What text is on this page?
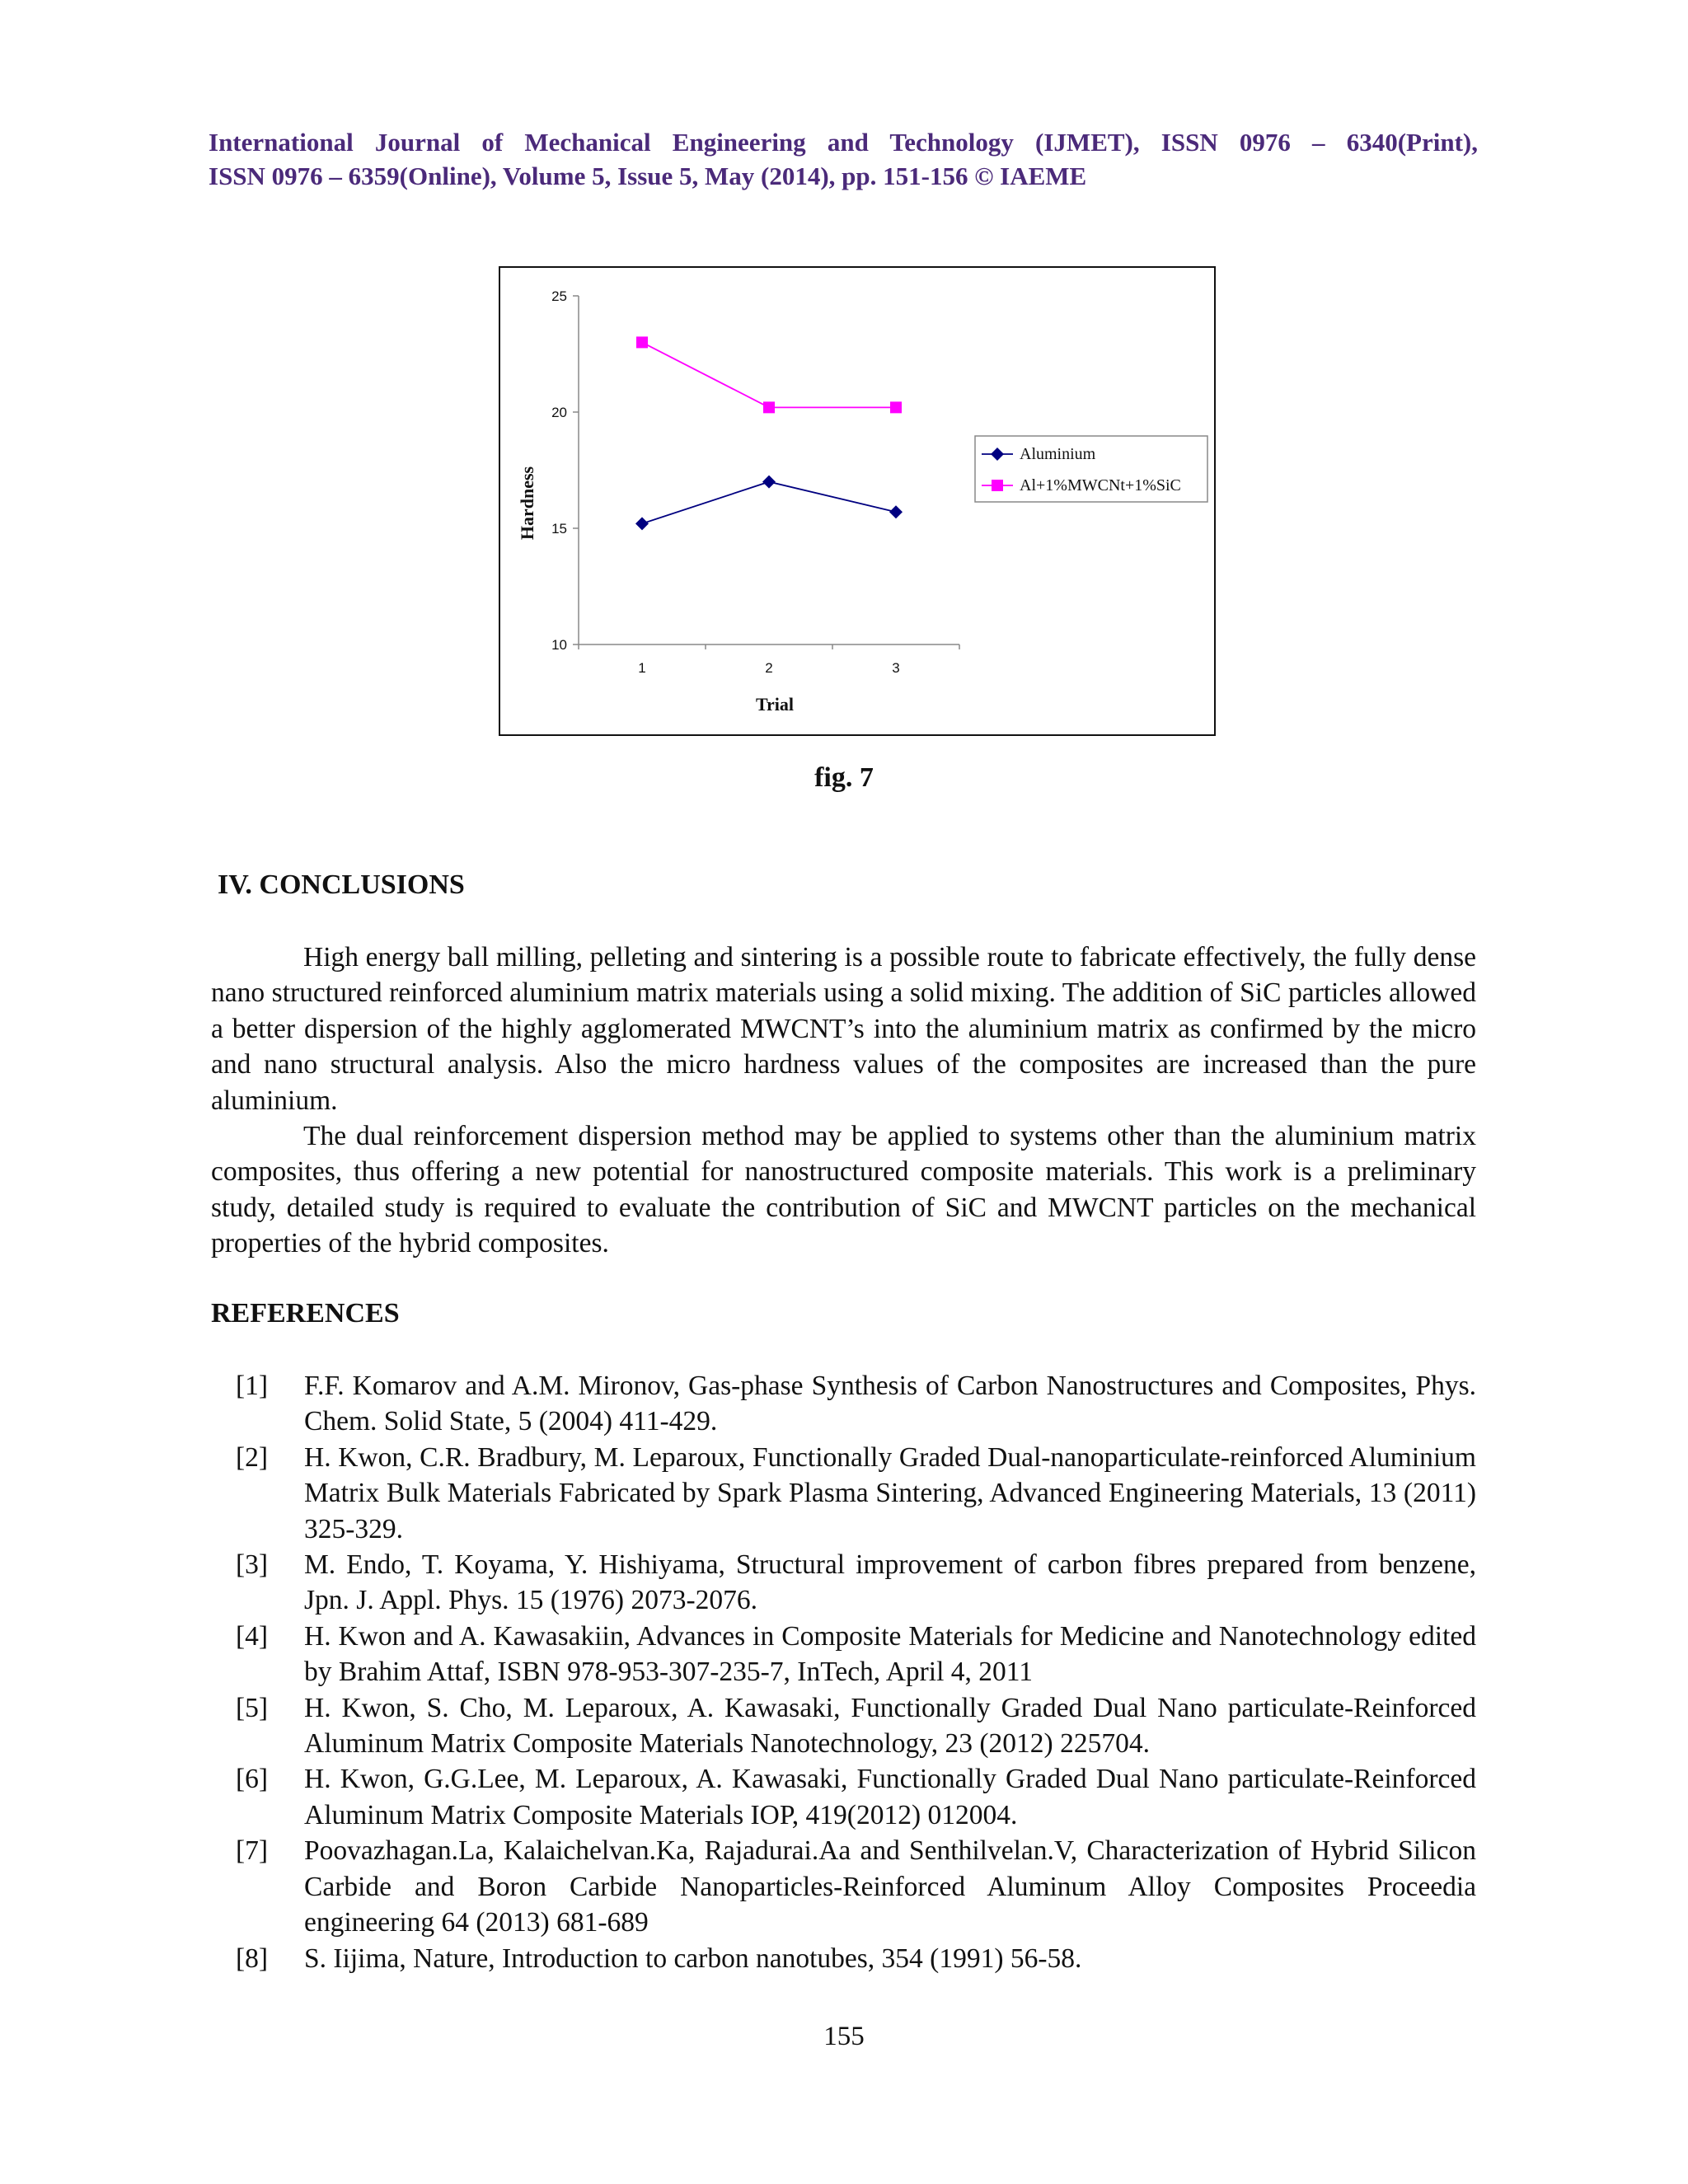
International Journal of Mechanical Engineering and Technology (IJMET), ISSN 0976 – 6340(Print),
ISSN 0976 – 6359(Online), Volume 5, Issue 5, May (2014), pp. 151-156 © IAEME
10
15
20
25
1	2	3
Trial
Hardness
Aluminium
Al+1%MWCNt+1%SiC
fig. 7
IV. CONCLUSIONS

High energy ball milling, pelleting and sintering is a possible route to fabricate effectively, the fully dense nano structured reinforced aluminium matrix materials using a solid mixing. The addition of SiC particles allowed a better dispersion of the highly agglomerated MWCNT’s into the aluminium matrix as confirmed by the micro and nano structural analysis. Also the micro hardness values of the composites are increased than the pure aluminium.

The dual reinforcement dispersion method may be applied to systems other than the aluminium matrix composites, thus offering a new potential for nanostructured composite materials. This work is a preliminary study, detailed study is required to evaluate the contribution of SiC and MWCNT particles on the mechanical properties of the hybrid composites.

REFERENCES
[1] F.F. Komarov and A.M. Mironov, Gas-phase Synthesis of Carbon Nanostructures and Composites, Phys. Chem. Solid State, 5 (2004) 411-429.
[2] H. Kwon, C.R. Bradbury, M. Leparoux, Functionally Graded Dual-nanoparticulate-reinforced Aluminium Matrix Bulk Materials Fabricated by Spark Plasma Sintering, Advanced Engineering Materials, 13 (2011) 325-329.
[3] M. Endo, T. Koyama, Y. Hishiyama, Structural improvement of carbon fibres prepared from benzene, Jpn. J. Appl. Phys. 15 (1976) 2073-2076.
[4] H. Kwon and A. Kawasakiin, Advances in Composite Materials for Medicine and Nanotechnology edited by Brahim Attaf, ISBN 978-953-307-235-7, InTech, April 4, 2011
[5] H. Kwon, S. Cho, M. Leparoux, A. Kawasaki, Functionally Graded Dual Nano particulate-Reinforced Aluminum Matrix Composite Materials Nanotechnology, 23 (2012) 225704.
[6] H. Kwon, G.G.Lee, M. Leparoux, A. Kawasaki, Functionally Graded Dual Nano particulate-Reinforced Aluminum Matrix Composite Materials IOP, 419(2012) 012004.
[7] Poovazhagan.La, Kalaichelvan.Ka, Rajadurai.Aa and Senthilvelan.V, Characterization of Hybrid Silicon Carbide and Boron Carbide Nanoparticles-Reinforced Aluminum Alloy Composites Proceedia engineering 64 (2013) 681-689
[8] S. Iijima, Nature, Introduction to carbon nanotubes, 354 (1991) 56-58.
155
